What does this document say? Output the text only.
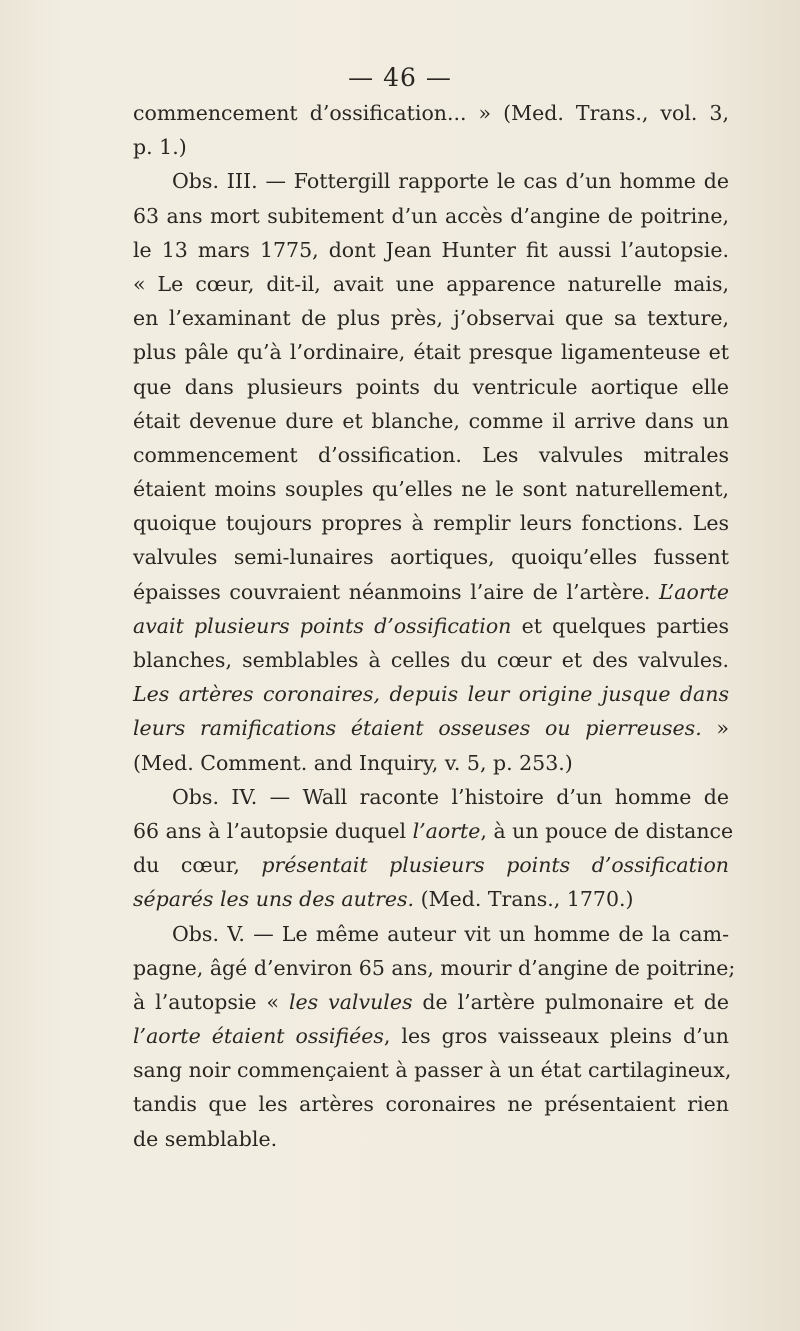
— 46 —
commencement d’ossification... » (Med. Trans., vol. 3,
p. 1.)
Obs. III. — Fottergill rapporte le cas d’un homme de
63 ans mort subitement d’un accès d’angine de poitrine,
le 13 mars 1775, dont Jean Hunter fit aussi l’autopsie.
« Le cœur, dit-il, avait une apparence naturelle mais,
en l’examinant de plus près, j’observai que sa texture,
plus pâle qu’à l’ordinaire, était presque ligamenteuse et
que dans plusieurs points du ventricule aortique elle
était devenue dure et blanche, comme il arrive dans un
commencement d’ossification. Les valvules mitrales
étaient moins souples qu’elles ne le sont naturellement,
quoique toujours propres à remplir leurs fonctions. Les
valvules semi-lunaires aortiques, quoiqu’elles fussent
épaisses couvraient néanmoins l’aire de l’artère. L’aorte
avait plusieurs points d’ossification et quelques parties
blanches, semblables à celles du cœur et des valvules.
Les artères coronaires, depuis leur origine jusque dans
leurs ramifications étaient osseuses ou pierreuses. »
(Med. Comment. and Inquiry, v. 5, p. 253.)
Obs. IV. — Wall raconte l’histoire d’un homme de
66 ans à l’autopsie duquel l’aorte, à un pouce de distance
du cœur, présentait plusieurs points d’ossification
séparés les uns des autres. (Med. Trans., 1770.)
Obs. V. — Le même auteur vit un homme de la cam-
pagne, âgé d’environ 65 ans, mourir d’angine de poitrine;
à l’autopsie « les valvules de l’artère pulmonaire et de
l’aorte étaient ossifiées, les gros vaisseaux pleins d’un
sang noir commençaient à passer à un état cartilagineux,
tandis que les artères coronaires ne présentaient rien
de semblable.
